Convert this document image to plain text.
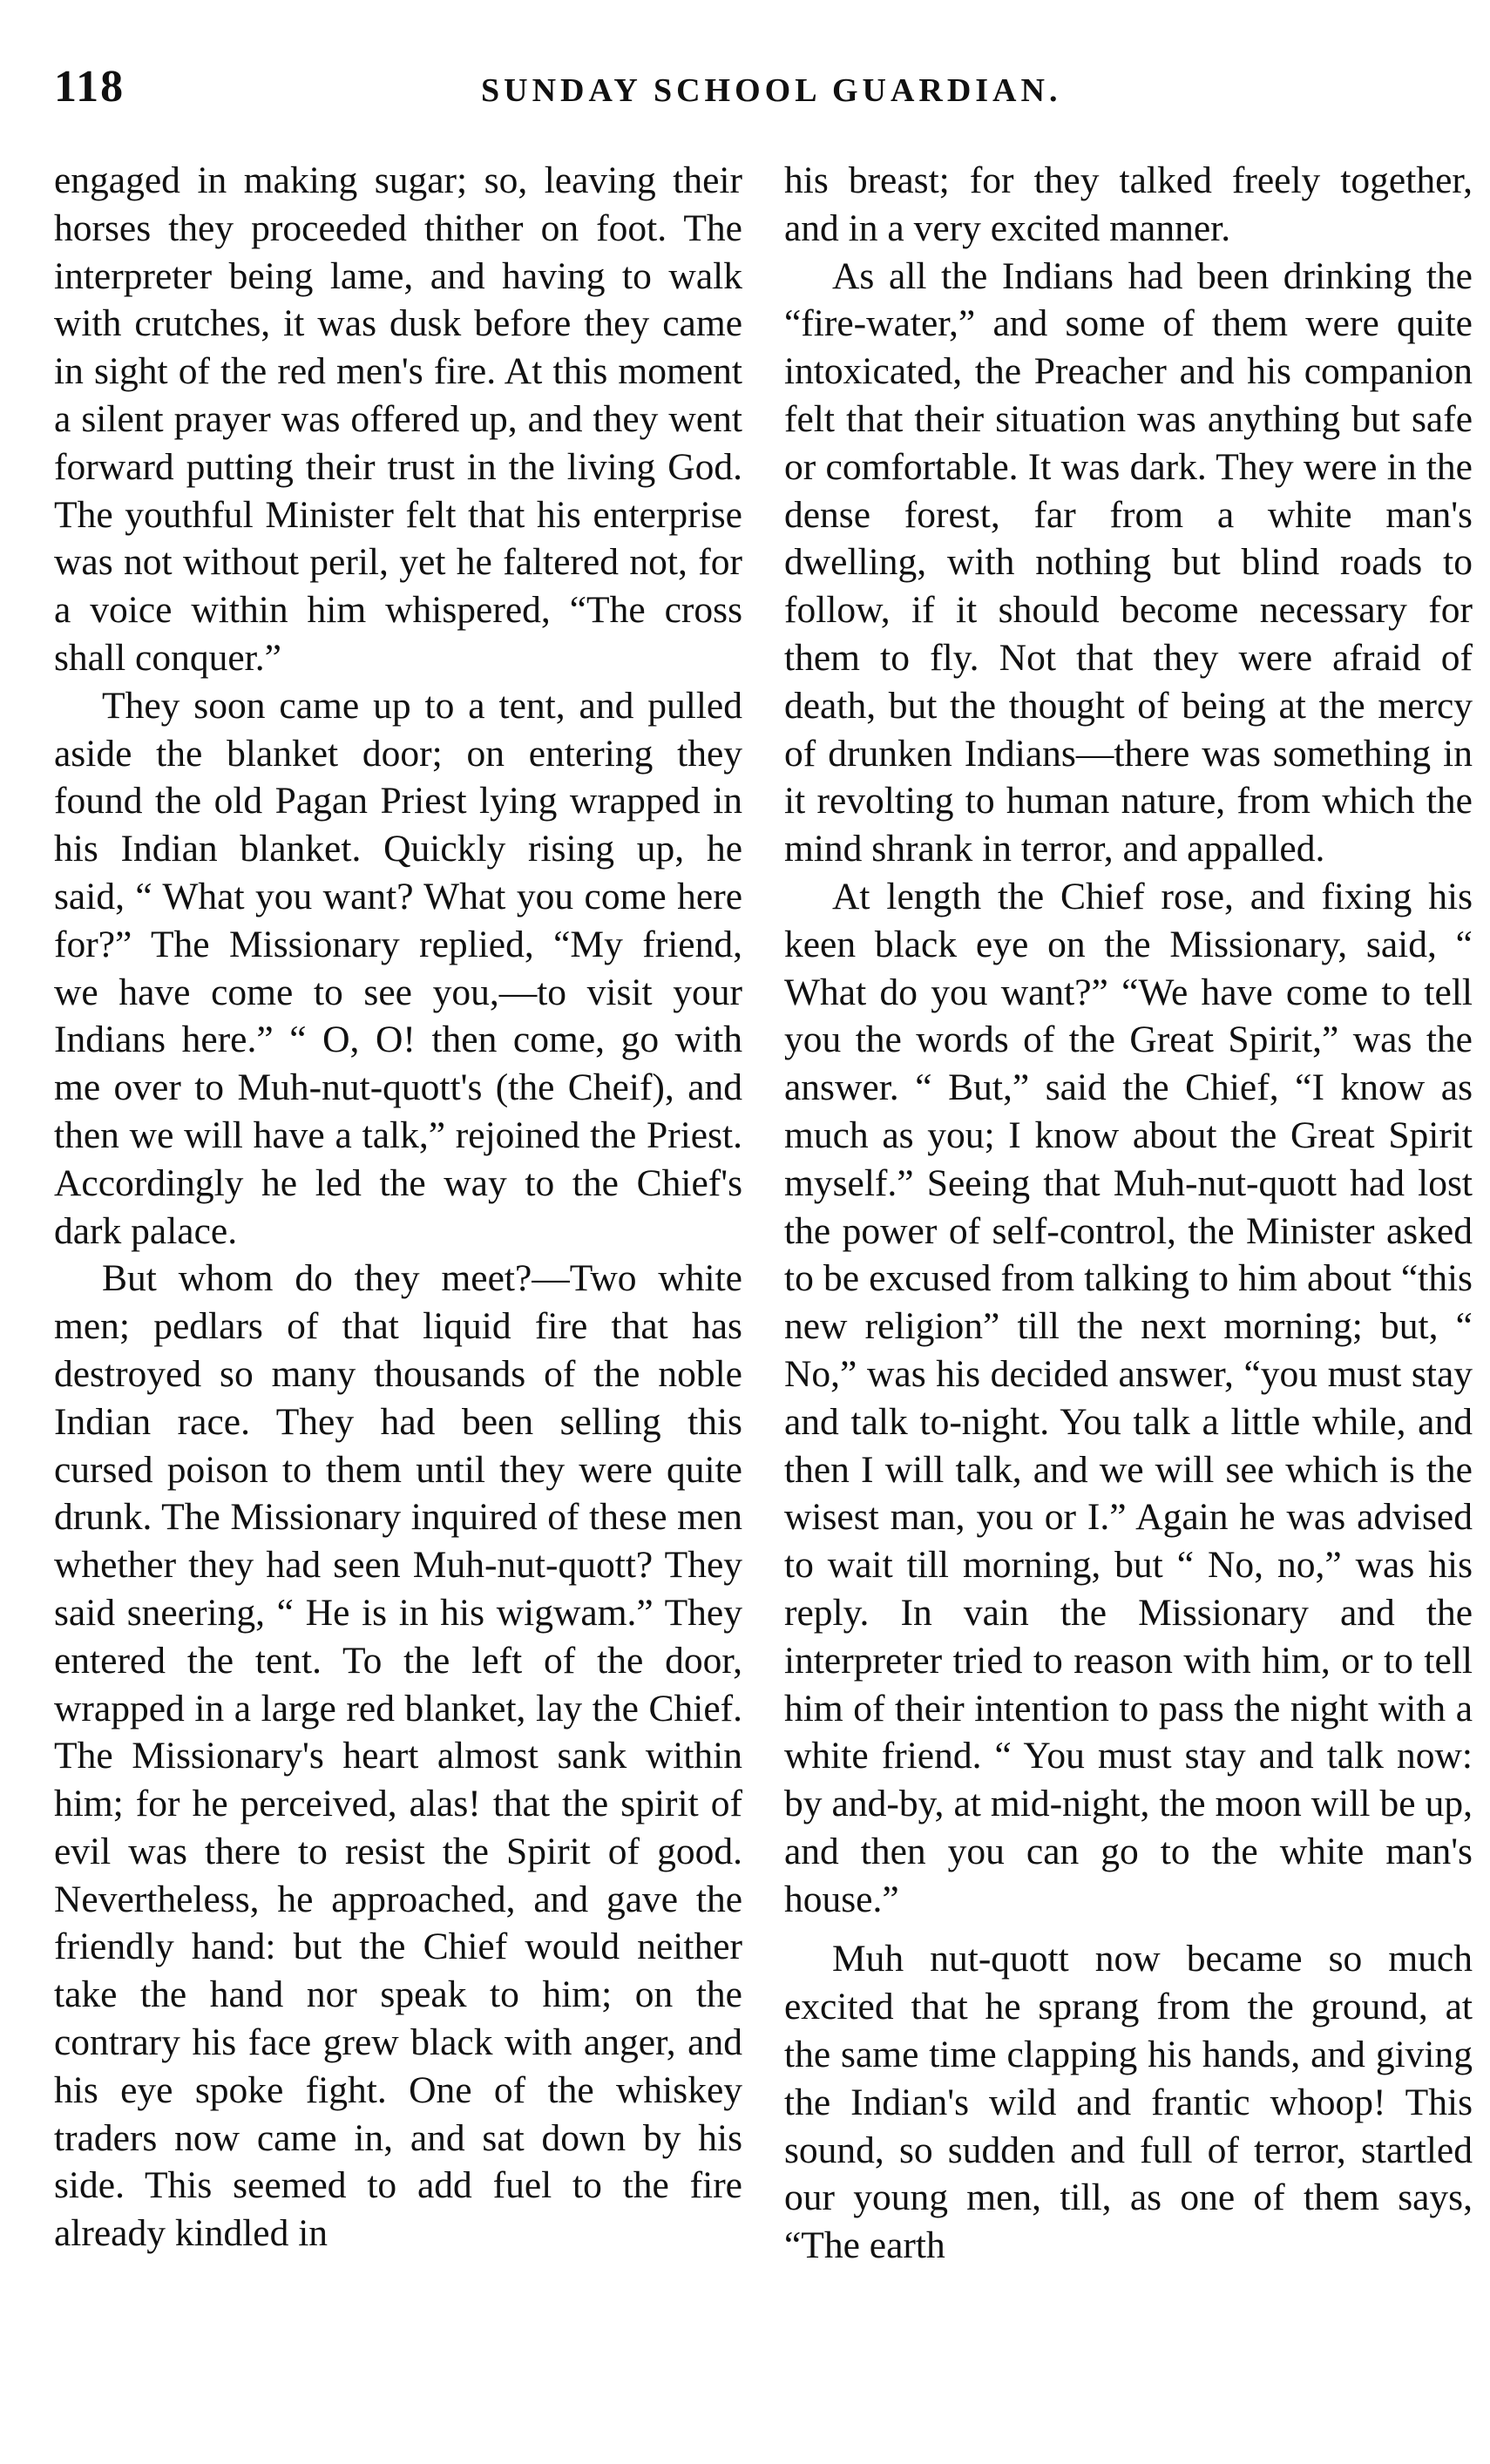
118	SUNDAY SCHOOL GUARDIAN.

engaged in making sugar; so, leaving their horses they proceeded thither on foot. The interpreter being lame, and having to walk with crutches, it was dusk before they came in sight of the red men's fire. At this moment a silent prayer was offered up, and they went forward putting their trust in the living God. The youthful Minister felt that his enterprise was not without peril, yet he faltered not, for a voice within him whispered, “The cross shall conquer.”

They soon came up to a tent, and pulled aside the blanket door; on entering they found the old Pagan Priest lying wrapped in his Indian blanket. Quickly rising up, he said, “ What you want? What you come here for?” The Missionary replied, “My friend, we have come to see you,—to visit your Indians here.” “ O, O! then come, go with me over to Muh-nut-quott's (the Cheif), and then we will have a talk,” rejoined the Priest. Accordingly he led the way to the Chief's dark palace.

But whom do they meet?—Two white men; pedlars of that liquid fire that has destroyed so many thousands of the noble Indian race. They had been selling this cursed poison to them until they were quite drunk. The Missionary inquired of these men whether they had seen Muh-nut-quott? They said sneering, “ He is in his wigwam.” They entered the tent. To the left of the door, wrapped in a large red blanket, lay the Chief. The Missionary's heart almost sank within him; for he perceived, alas! that the spirit of evil was there to resist the Spirit of good. Nevertheless, he approached, and gave the friendly hand: but the Chief would neither take the hand nor speak to him; on the contrary his face grew black with anger, and his eye spoke fight. One of the whiskey traders now came in, and sat down by his side. This seemed to add fuel to the fire already kindled in

his breast; for they talked freely together, and in a very excited manner.

As all the Indians had been drinking the “fire-water,” and some of them were quite intoxicated, the Preacher and his companion felt that their situation was anything but safe or comfortable. It was dark. They were in the dense forest, far from a white man's dwelling, with nothing but blind roads to follow, if it should become necessary for them to fly. Not that they were afraid of death, but the thought of being at the mercy of drunken Indians—there was something in it revolting to human nature, from which the mind shrank in terror, and appalled.

At length the Chief rose, and fixing his keen black eye on the Missionary, said, “ What do you want?” “We have come to tell you the words of the Great Spirit,” was the answer. “ But,” said the Chief, “I know as much as you; I know about the Great Spirit myself.” Seeing that Muh-nut-quott had lost the power of self-control, the Minister asked to be excused from talking to him about “this new religion” till the next morning; but, “ No,” was his decided answer, “you must stay and talk to-night. You talk a little while, and then I will talk, and we will see which is the wisest man, you or I.” Again he was advised to wait till morning, but “ No, no,” was his reply. In vain the Missionary and the interpreter tried to reason with him, or to tell him of their intention to pass the night with a white friend. “ You must stay and talk now: by and-by, at mid-night, the moon will be up, and then you can go to the white man's house.”

Muh nut-quott now became so much excited that he sprang from the ground, at the same time clapping his hands, and giving the Indian's wild and frantic whoop! This sound, so sudden and full of terror, startled our young men, till, as one of them says, “The earth
